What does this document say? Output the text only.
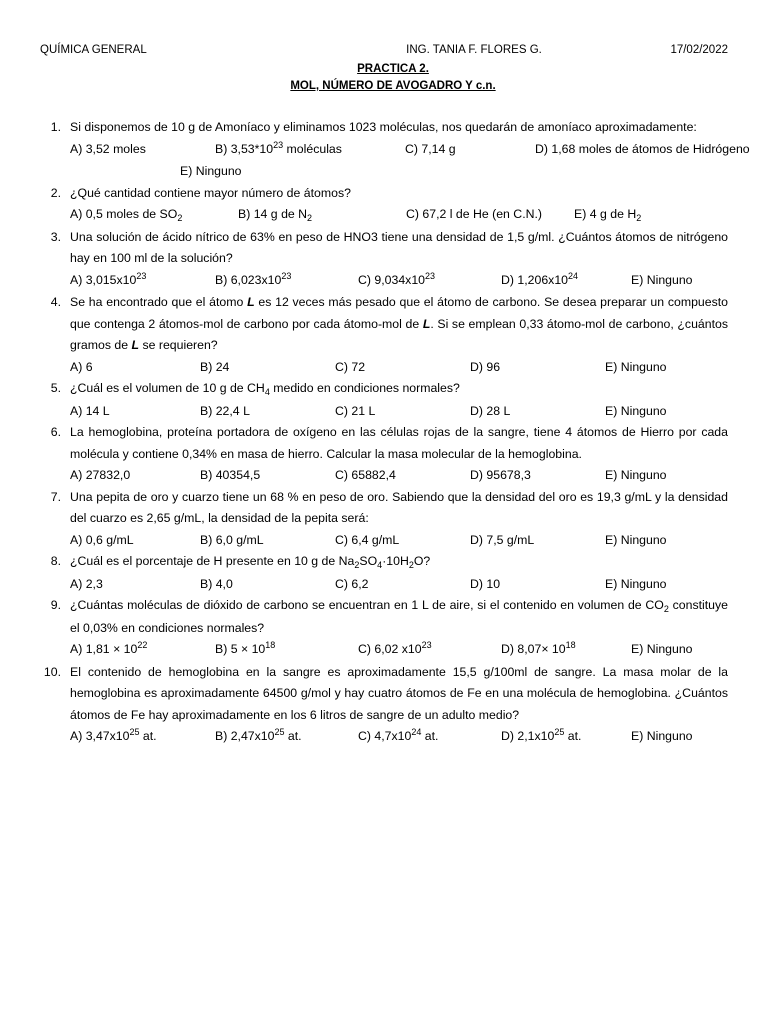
QUÍMICA GENERAL	ING. TANIA F. FLORES G.	17/02/2022
PRACTICA 2.
MOL, NÚMERO DE AVOGADRO Y c.n.
1. Si disponemos de 10 g de Amoníaco y eliminamos 1023 moléculas, nos quedarán de amoníaco aproximadamente:
A) 3,52 moles	B) $3,53*10^{23}$ moléculas	C) 7,14 g	D) 1,68 moles de átomos de Hidrógeno

E) Ninguno
2. ¿Qué cantidad contiene mayor número de átomos?
A) 0,5 moles de $SO_2$	B) 14 g de $N_2$	C) 67,2 l de He (en C.N.)	E) 4 g de $H_2$
3. Una solución de ácido nítrico de 63% en peso de HNO3 tiene una densidad de 1,5 g/ml. ¿Cuántos átomos de nitrógeno hay en 100 ml de la solución?
A) $3,015x10^{23}$	B) $6,023x10^{23}$	C) $9,034x10^{23}$	D) $1,206x10^{24}$	E) Ninguno
4. Se ha encontrado que el átomo L es 12 veces más pesado que el átomo de carbono. Se desea preparar un compuesto que contenga 2 átomos-mol de carbono por cada átomo-mol de L. Si se emplean 0,33 átomo-mol de carbono, ¿cuántos gramos de L se requieren?
A) 6	B) 24	C) 72	D) 96	E) Ninguno
5. ¿Cuál es el volumen de 10 g de $CH_4$ medido en condiciones normales?
A) 14 L	B) 22,4 L	C) 21 L	D) 28 L	E) Ninguno
6. La hemoglobina, proteína portadora de oxígeno en las células rojas de la sangre, tiene 4 átomos de Hierro por cada molécula y contiene 0,34% en masa de hierro. Calcular la masa molecular de la hemoglobina.
A) 27832,0	B) 40354,5	C) 65882,4	D) 95678,3	E) Ninguno
7. Una pepita de oro y cuarzo tiene un 68 % en peso de oro. Sabiendo que la densidad del oro es 19,3 g/mL y la densidad del cuarzo es 2,65 g/mL, la densidad de la pepita será:
A) 0,6 g/mL	B) 6,0 g/mL	C) 6,4 g/mL	D) 7,5 g/mL	E) Ninguno
8. ¿Cuál es el porcentaje de H presente en 10 g de $Na_2SO_4\cdot 10H_2O$?
A) 2,3	B) 4,0	C) 6,2	D) 10	E) Ninguno
9. ¿Cuántas moléculas de dióxido de carbono se encuentran en 1 L de aire, si el contenido en volumen de $CO_2$ constituye el 0,03% en condiciones normales?
A) $1,81 \times 10^{22}$	B) $5 \times 10^{18}$	C) 6,02 $x10^{23}$	D) $8,07\times 10^{18}$	E) Ninguno
10. El contenido de hemoglobina en la sangre es aproximadamente 15,5 g/100ml de sangre. La masa molar de la hemoglobina es aproximadamente 64500 g/mol y hay cuatro átomos de Fe en una molécula de hemoglobina. ¿Cuántos átomos de Fe hay aproximadamente en los 6 litros de sangre de un adulto medio?
A) $3,47x10^{25}$ at.	B) $2,47x10^{25}$ at.	C) $4,7x10^{24}$ at.	D) $2,1x10^{25}$ at.	E) Ninguno
